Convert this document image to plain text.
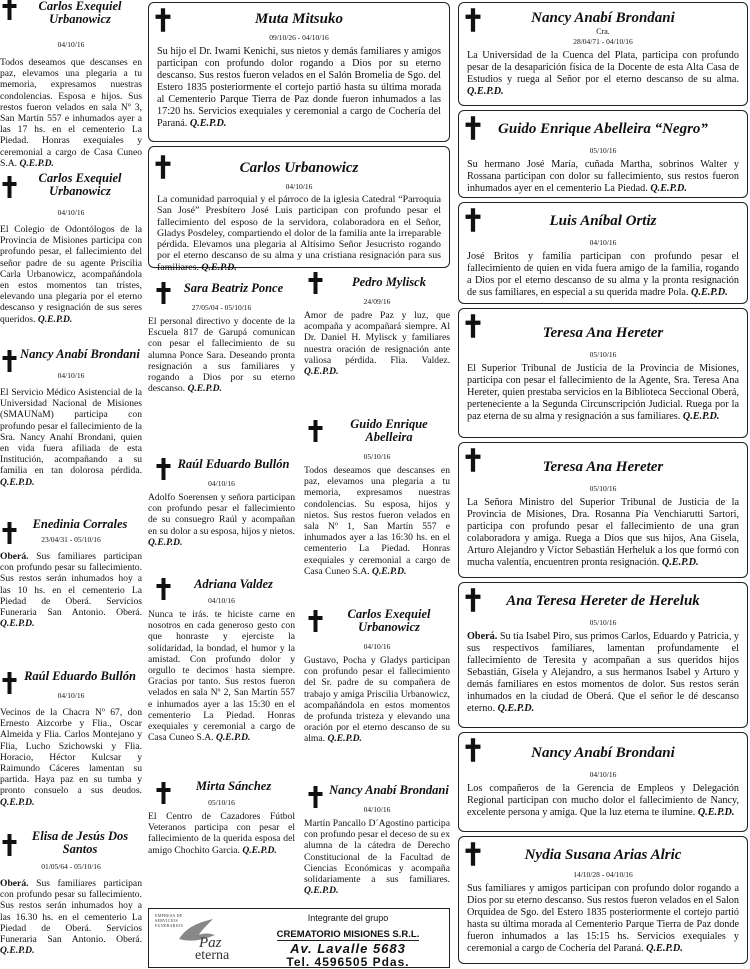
Carlos Exequiel Urbanowicz
04/10/16
Todos deseamos que descanses en paz, elevamos una plegaria a tu memoria, expresamos nuestras condolencias. Esposa e hijos. Sus restos fueron velados en sala Nº 3, San Martín 557 e inhumados ayer a las 17 hs. en el cementerio La Piedad. Honras exequiales y ceremonial a cargo de Casa Cuneo S.A. Q.E.P.D.
Carlos Exequiel Urbanowicz
04/10/16
El Colegio de Odontólogos de la Provincia de Misiones participa con profundo pesar, el fallecimiento del señor padre de su agente Priscilia Carla Urbanowicz, acompañándola en estos momentos tan tristes, elevando una plegaria por el eterno descanso y resignación de sus seres queridos. Q.E.P.D.
Nancy Anabí Brondani
04/10/16
El Servicio Médico Asistencial de la Universidad Nacional de Misiones (SMAUNaM) participa con profundo pesar el fallecimiento de la Sra. Nancy Anahí Brondani, quien en vida fuera afiliada de esta Institución, acompañando a su familia en tan dolorosa pérdida. Q.E.P.D.
Enedinia Corrales
23/04/31 - 05/10/16
Oberá. Sus familiares participan con profundo pesar su fallecimiento. Sus restos serán inhumados hoy a las 10 hs. en el cementerio La Piedad de Oberá. Servicios Funeraria San Antonio. Oberá. Q.E.P.D.
Raúl Eduardo Bullón
04/10/16
Vecinos de la Chacra Nº 67, don Ernesto Aizcorbe y Flia., Oscar Almeida y Flia. Carlos Montejano y Flia, Lucho Szichowski y Flia. Horacio, Héctor Kulcsar y Raimundo Cáceres lamentan su partida. Haya paz en su tumba y pronto consuelo a sus deudos. Q.E.P.D.
Elisa de Jesús Dos Santos
01/05/64 - 05/10/16
Oberá. Sus familiares participan con profundo pesar su fallecimiento. Sus restos serán inhumados hoy a las 16.30 hs. en el cementerio La Piedad de Oberá. Servicios Funeraria San Antonio. Oberá. Q.E.P.D.
Muta Mitsuko
09/10/26 - 04/10/16
Su hijo el Dr. Iwami Kenichi, sus nietos y demás familiares y amigos participan con profundo dolor rogando a Dios por su eterno descanso. Sus restos fueron velados en el Salón Bromelia de Sgo. del Estero 1835 posteriormente el cortejo partió hasta su última morada al Cementerio Parque Tierra de Paz donde fueron inhumados a las 17:20 hs. Servicios exequiales y ceremonial a cargo de Cochería del Paraná. Q.E.P.D.
Carlos Urbanowicz
04/10/16
La comunidad parroquial y el párroco de la iglesia Catedral “Parroquia San José” Presbítero José Luis participan con profundo pesar el fallecimiento del esposo de la servidora, colaboradora en el Señor, Gladys Posdeley, compartiendo el dolor de la familia ante la irreparable pérdida. Elevamos una plegaria al Altísimo Señor Jesucristo rogando por el eterno descanso de su alma y una cristiana resignación para sus familiares. Q.E.P.D.
Sara Beatriz Ponce
27/05/04 - 05/10/16
El personal directivo y docente de la Escuela 817 de Garupá comunican con pesar el fallecimiento de su alumna Ponce Sara. Deseando pronta resignación a sus familiares y rogando a Dios por su eterno descanso. Q.E.P.D.
Raúl Eduardo Bullón
04/10/16
Adolfo Soerensen y señora participan con profundo pesar el fallecimiento de su consuegro Raúl y acompañan en su dolor a su esposa, hijos y nietos. Q.E.P.D.
Adriana Valdez
04/10/16
Nunca te irás. te hiciste carne en nosotros en cada generoso gesto con que honraste y ejerciste la solidaridad, la bondad, el humor y la amistad. Con profundo dolor y orgullo te decimos hasta siempre. Gracias por tanto. Sus restos fueron velados en sala Nº 2, San Martín 557 e inhumados ayer a las 15:30 en el cementerio La Piedad. Honras exequiales y ceremonial a cargo de Casa Cuneo S.A. Q.E.P.D.
Mirta Sánchez
05/10/16
El Centro de Cazadores Fútbol Veteranos participa con pesar el fallecimiento de la querida esposa del amigo Chochito Garcia. Q.E.P.D.
Pedro Mylisck
24/09/16
Amor de padre Paz y luz, que acompaña y acompañará siempre. Al Dr. Daniel H. Mylisck y familiares nuestra oración de resignación ante valiosa pérdida. Flia. Valdez. Q.E.P.D.
Guido Enrique Abelleira
05/10/16
Todos deseamos que descanses en paz, elevamos una plegaria a tu memoria, expresamos nuestras condolencias. Su esposa, hijos y nietos. Sus restos fueron velados en sala Nº 1, San Martín 557 e inhumados ayer a las 16:30 hs. en el cementerio La Piedad. Honras exequiales y ceremonial a cargo de Casa Cuneo S.A. Q.E.P.D.
Carlos Exequiel Urbanowicz
04/10/16
Gustavo, Pocha y Gladys participan con profundo pesar el fallecimiento del Sr. padre de su compañera de trabajo y amiga Priscilia Urbanowicz, acompañándola en estos momentos de profunda tristeza y elevando una oración por el eterno descanso de su alma. Q.E.P.D.
Nancy Anabí Brondani
04/10/16
Martín Pancallo D´Agostino participa con profundo pesar el deceso de su ex alumna de la cátedra de Derecho Constitucional de la Facultad de Ciencias Económicas y acompaña solidariamente a sus familiares. Q.E.P.D.
EMPRESA DE SERVICIOS FUNERARIOS
Paz
eterna
Integrante del grupo
CREMATORIO MISIONES S.R.L.
Av. Lavalle 5683
Tel. 4596505 Pdas.
Nancy Anabí Brondani
Cra.
28/04/71 - 04/10/16
La Universidad de la Cuenca del Plata, participa con profundo pesar de la desaparición física de la Docente de esta Alta Casa de Estudios y ruega al Señor por el eterno descanso de su alma. Q.E.P.D.
Guido Enrique Abelleira “Negro”
05/10/16
Su hermano José María, cuñada Martha, sobrinos Walter y Rossana participan con dolor su fallecimiento, sus restos fueron inhumados ayer en el cementerio La Piedad. Q.E.P.D.
Luis Aníbal Ortiz
04/10/16
José Britos y familia participan con profundo pesar el fallecimiento de quien en vida fuera amigo de la familia, rogando a Dios por el eterno descanso de su alma y la pronta resignación de sus familiares, en especial a su querida madre Pola. Q.E.P.D.
Teresa Ana Hereter
05/10/16
El Superior Tribunal de Justicia de la Provincia de Misiones, participa con pesar el fallecimiento de la Agente, Sra. Teresa Ana Hereter, quien prestaba servicios en la Biblioteca Seccional Oberá, perteneciente a la Segunda Circunscripción Judicial. Ruega por la paz eterna de su alma y resignación a sus familiares. Q.E.P.D.
Teresa Ana Hereter
05/10/16
La Señora Ministro del Superior Tribunal de Justicia de la Provincia de Misiones, Dra. Rosanna Pía Venchiarutti Sartori, participa con profundo pesar el fallecimiento de una gran colaboradora y amiga. Ruega a Dios que sus hijos, Ana Gisela, Arturo Alejandro y Víctor Sebastián Herheluk a los que formó con mucha valentía, encuentren pronta resignación. Q.E.P.D.
Ana Teresa Hereter de Hereluk
05/10/16
Oberá. Su tía Isabel Piro, sus primos Carlos, Eduardo y Patricia, y sus respectivos familiares, lamentan profundamente el fallecimiento de Teresita y acompañan a sus queridos hijos Sebastián, Gisela y Alejandro, a sus hermanos Isabel y Arturo y demás familiares en estos momentos de dolor. Sus restos serán inhumados en la ciudad de Oberá. Que el señor le dé descanso eterno. Q.E.P.D.
Nancy Anabí Brondani
04/10/16
Los compañeros de la Gerencia de Empleos y Delegación Regional participan con mucho dolor el fallecimiento de Nancy, excelente persona y amiga. Que la luz eterna te ilumine. Q.E.P.D.
Nydia Susana Arias Alric
14/10/28 - 04/10/16
Sus familiares y amigos participan con profundo dolor rogando a Dios por su eterno descanso. Sus restos fueron velados en el Salon Orquídea de Sgo. del Estero 1835 posteriormente el cortejo partió hasta su última morada al Cementerio Parque Tierra de Paz donde fueron inhumados a las 15:15 hs. Servicios exequiales y ceremonial a cargo de Cochería del Paraná. Q.E.P.D.
